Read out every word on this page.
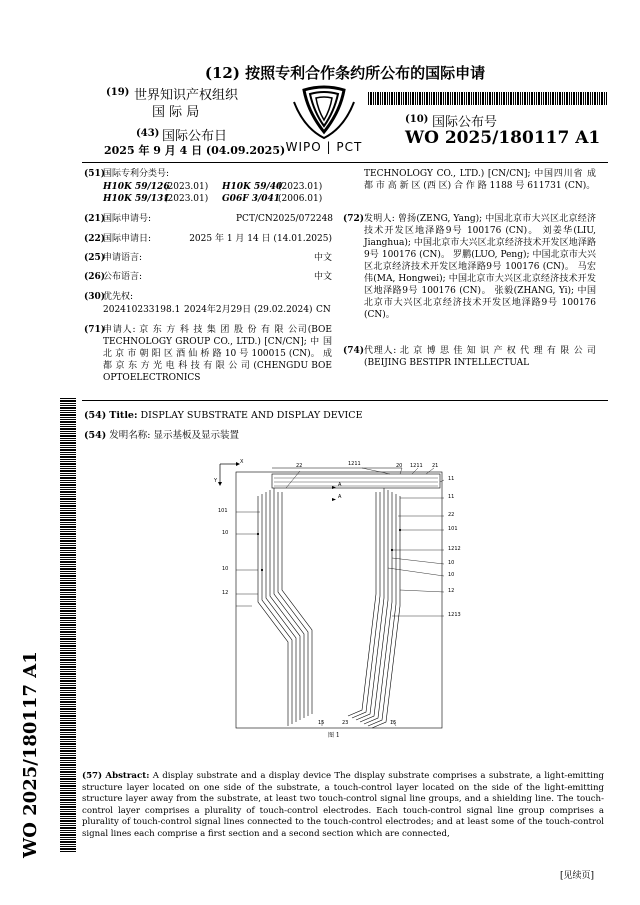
(12) 按照专利合作条约所公布的国际申请
(19) 世界知识产权组织
国 际 局
(43) 国际公布日
2025 年 9 月 4 日 (04.09.2025) WIPO | PCT
(10) 国际公布号
WO 2025/180117 A1
(51)
国际专利分类号:
H10K 59/126
(2023.01) H10K 59/40
(2023.01)
H10K 59/131
(2023.01) G06F 3/041
(2006.01)
(21)
国际申请号:	PCT/CN2025/072248
(22)
国际申请日:	2025 年 1 月 14 日 (14.01.2025)
(25)
申请语言:	中文
(26)
公布语言:	中文
(30)
优先权:
202410233198.1 2024年2月29日 (29.02.2024) CN
(71)
申请人: 京 东 方 科 技 集 团 股 份 有 限 公司(BOE TECHNOLOGY GROUP CO., LTD.) [CN/CN]; 中 国 北 京 市 朝 阳 区 酒 仙 桥 路 10 号 100015 (CN)。 成 都 京 东 方 光 电 科 技 有 限 公 司 (CHENGDU BOE OPTOELECTRONICS
TECHNOLOGY CO., LTD.) [CN/CN]; 中国四川省 成 都 市 高 新 区 (西 区) 合 作 路 1188 号 611731 (CN)。
(72) 发明人: 曾扬(ZENG, Yang); 中国北京市大兴区北京经济技术开发区地泽路9号 100176 (CN)。 刘姜华(LIU, Jianghua); 中国北京市大兴区北京经济技术开发区地泽路9号 100176 (CN)。 罗鹏(LUO, Peng); 中国北京市大兴区北京经济技术开发区地泽路9号 100176 (CN)。 马宏伟(MA, Hongwei); 中国北京市大兴区北京经济技术开发区地泽路9号 100176 (CN)。 张毅(ZHANG, Yi); 中国北京市大兴区北京经济技术开发区地泽路9号 100176 (CN)。
(74) 代理人: 北 京 博 思 佳 知 识 产 权 代 理 有 限 公 司 (BEIJING BESTIPR INTELLECTUAL
(54) Title: DISPLAY SUBSTRATE AND DISPLAY DEVICE
(54) 发明名称: 显示基板及显示装置
WO 2025/180117 A1
X
Y
22	1211	20 1211 21
11
11
22
101
1212
10
10
12
1213
101
10
10
12
15	23	15
A
A
图 1
(57) Abstract: A display substrate and a display device The display substrate comprises a substrate, a light-emitting structure layer located on one side of the substrate, a touch-control layer located on the side of the light-emitting structure layer away from the substrate, at least two touch-control signal line groups, and a shielding line. The touch-control layer comprises a plurality of touch-control electrodes. Each touch-control signal line group comprises a plurality of touch-control signal lines connected to the touch-control electrodes; and at least some of the touch-control signal lines each comprise a first section and a second section which are connected,
[见续页]
